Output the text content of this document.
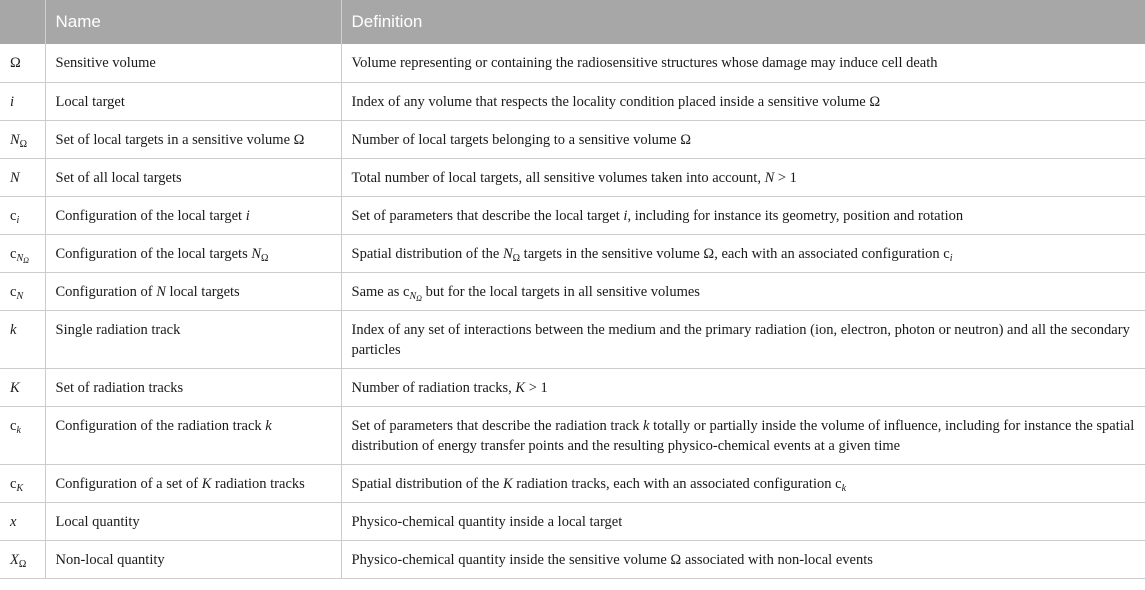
	Name	Definition
Ω	Sensitive volume	Volume representing or containing the radiosensitive structures whose damage may induce cell death
i	Local target	Index of any volume that respects the locality condition placed inside a sensitive volume Ω
$N_\Omega$	Set of local targets in a sensitive volume Ω	Number of local targets belonging to a sensitive volume Ω
N	Set of all local targets	Total number of local targets, all sensitive volumes taken into account, N > 1
$c_i$	Configuration of the local target i	Set of parameters that describe the local target i, including for instance its geometry, position and rotation
$c_{N_\Omega}$	Configuration of the local targets $N_\Omega$	Spatial distribution of the $N_\Omega$ targets in the sensitive volume Ω, each with an associated configuration $c_i$
$c_N$	Configuration of N local targets	Same as $c_{N_\Omega}$ but for the local targets in all sensitive volumes
k	Single radiation track	Index of any set of interactions between the medium and the primary radiation (ion, electron, photon or neutron) and all the secondary particles
K	Set of radiation tracks	Number of radiation tracks, K > 1
$c_k$	Configuration of the radiation track k	Set of parameters that describe the radiation track k totally or partially inside the volume of influence, including for instance the spatial distribution of energy transfer points and the resulting physico-chemical events at a given time
$c_K$	Configuration of a set of K radiation tracks	Spatial distribution of the K radiation tracks, each with an associated configuration $c_k$
x	Local quantity	Physico-chemical quantity inside a local target
$X_\Omega$	Non-local quantity	Physico-chemical quantity inside the sensitive volume Ω associated with non-local events
